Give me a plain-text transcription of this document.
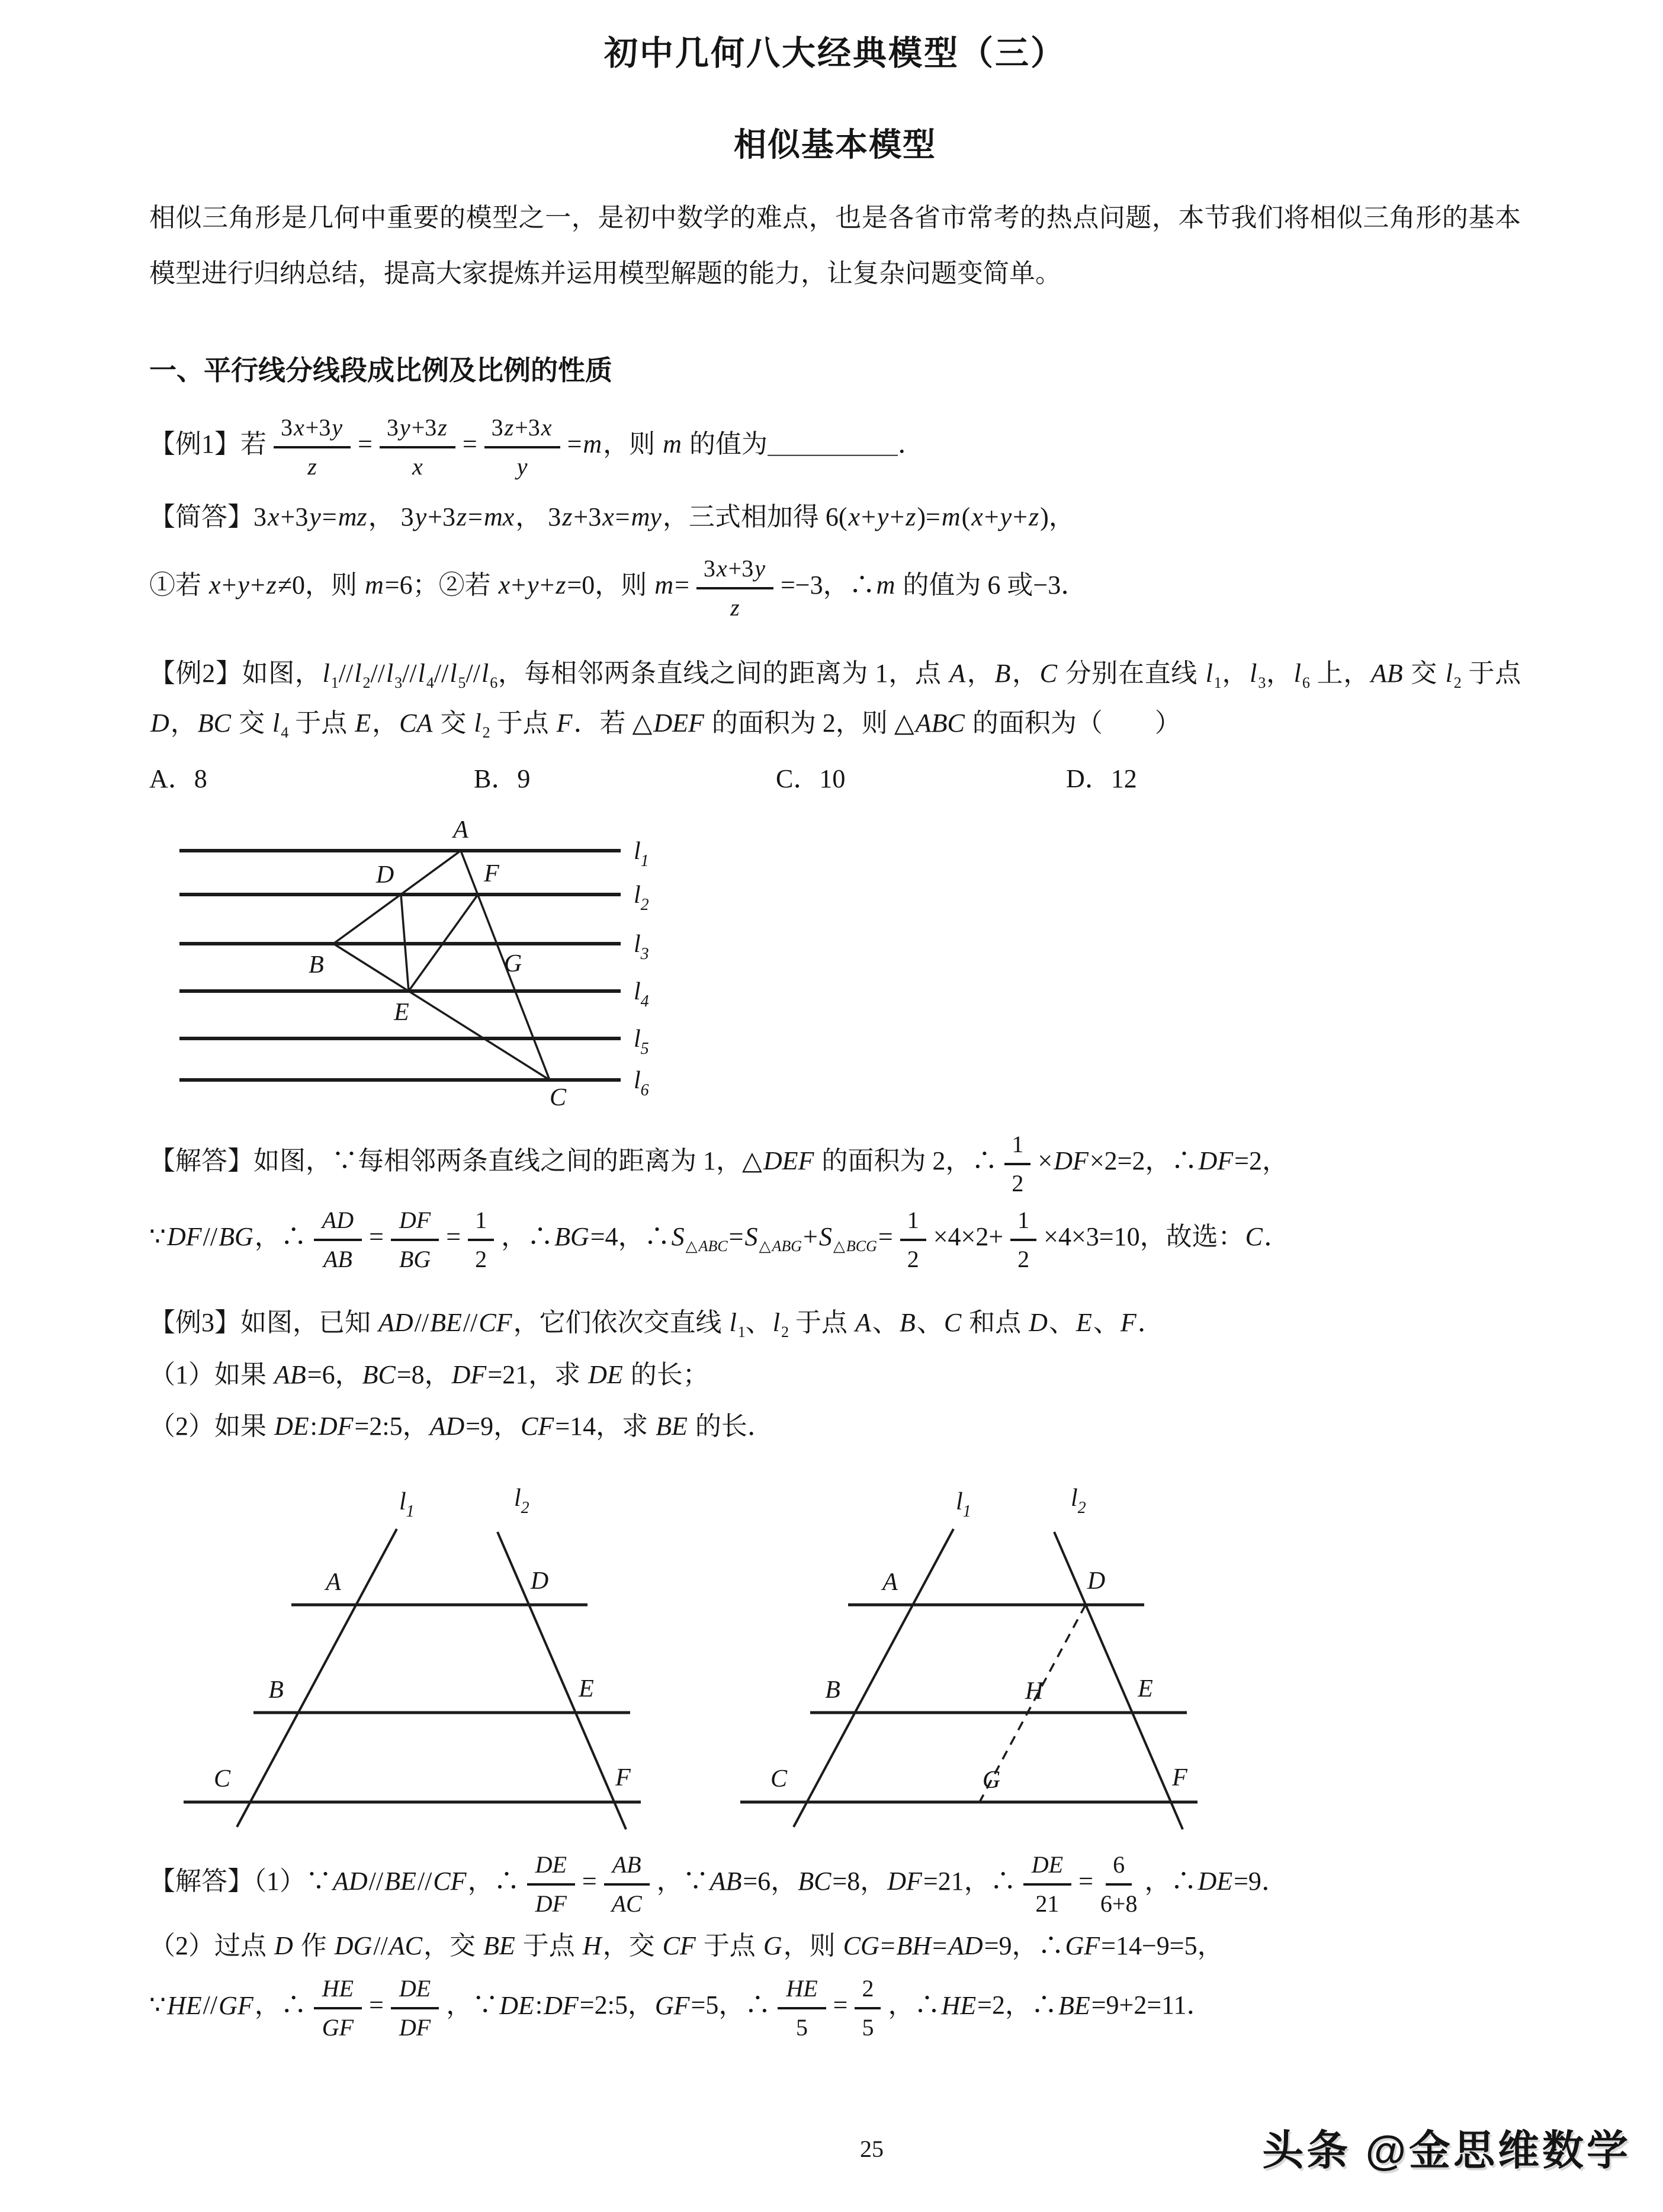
初中几何八大经典模型（三）
相似基本模型

相似三角形是几何中重要的模型之一，是初中数学的难点，也是各省市常考的热点问题，本节我们将相似三角形的基本模型进行归纳总结，提高大家提炼并运用模型解题的能力，让复杂问题变简单。

一、平行线分线段成比例及比例的性质

【例1】若 $\frac{3x+3y}{z} = \frac{3y+3z}{x} = \frac{3z+3x}{y} =m$，则 m 的值为＿＿＿＿＿．

【简答】3x+3y=mz， 3y+3z=mx， 3z+3x=my，三式相加得 6(x+y+z)=m(x+y+z)，

①若 x+y+z≠0，则 m=6；②若 x+y+z=0，则 $m= \frac{3x+3y}{z} =-3$，∴m 的值为 6 或−3．

【例2】如图，$l_1//l_2//l_3//l_4//l_5//l_6$，每相邻两条直线之间的距离为 1，点 A，B，C 分别在直线 $l_1$，$l_3$，$l_6$ 上，AB 交 $l_2$ 于点 D，BC 交 $l_4$ 于点 E，CA 交 $l_2$ 于点 F．若 △DEF 的面积为 2，则 △ABC 的面积为（　　）

A．8	B．9	C．10	D．12
A
D	F
B	G
E
C
$l_1$
$l_2$
$l_3$
$l_4$
$l_5$
$l_6$

【解答】如图，∵每相邻两条直线之间的距离为 1，△DEF 的面积为 2，∴ $\frac{1}{2} \times DF\times 2=2$，∴DF=2，

∵DF//BG，∴ $\frac{AD}{AB} = \frac{DF}{BG} = \frac{1}{2}$ ，∴BG=4，$\therefore S_{\triangle ABC}=S_{\triangle ABG}+S_{\triangle BCG}= \frac{1}{2} \times 4\times 2+ \frac{1}{2} \times 4\times 3=10$，故选：C．

【例3】如图，已知 AD//BE//CF，它们依次交直线 $l_1$、$l_2$ 于点 A、B、C 和点 D、E、F．

（1）如果 AB=6，BC=8，DF=21，求 DE 的长；

（2）如果 DE:DF=2:5，AD=9，CF=14，求 BE 的长．

$l_1$	$l_2$
A	D
B	E
C	F
$l_1$	$l_2$
A	D
B	H	E
C	G	F

【解答】（1）∵AD//BE//CF，∴ $\frac{DE}{DF} = \frac{AB}{AC}$ ，∵AB=6，BC=8，DF=21，∴ $\frac{DE}{21} = \frac{6}{6+8}$ ，∴DE=9．

（2）过点 D 作 DG//AC，交 BE 于点 H，交 CF 于点 G，则 CG=BH=AD=9，∴GF=14−9=5，

∵HE//GF，∴ $\frac{HE}{GF} = \frac{DE}{DF}$ ，∵DE:DF=2:5，GF=5，∴ $\frac{HE}{5} = \frac{2}{5}$ ，∴HE=2，∴BE=9+2=11．

25	头条 @金思维数学
